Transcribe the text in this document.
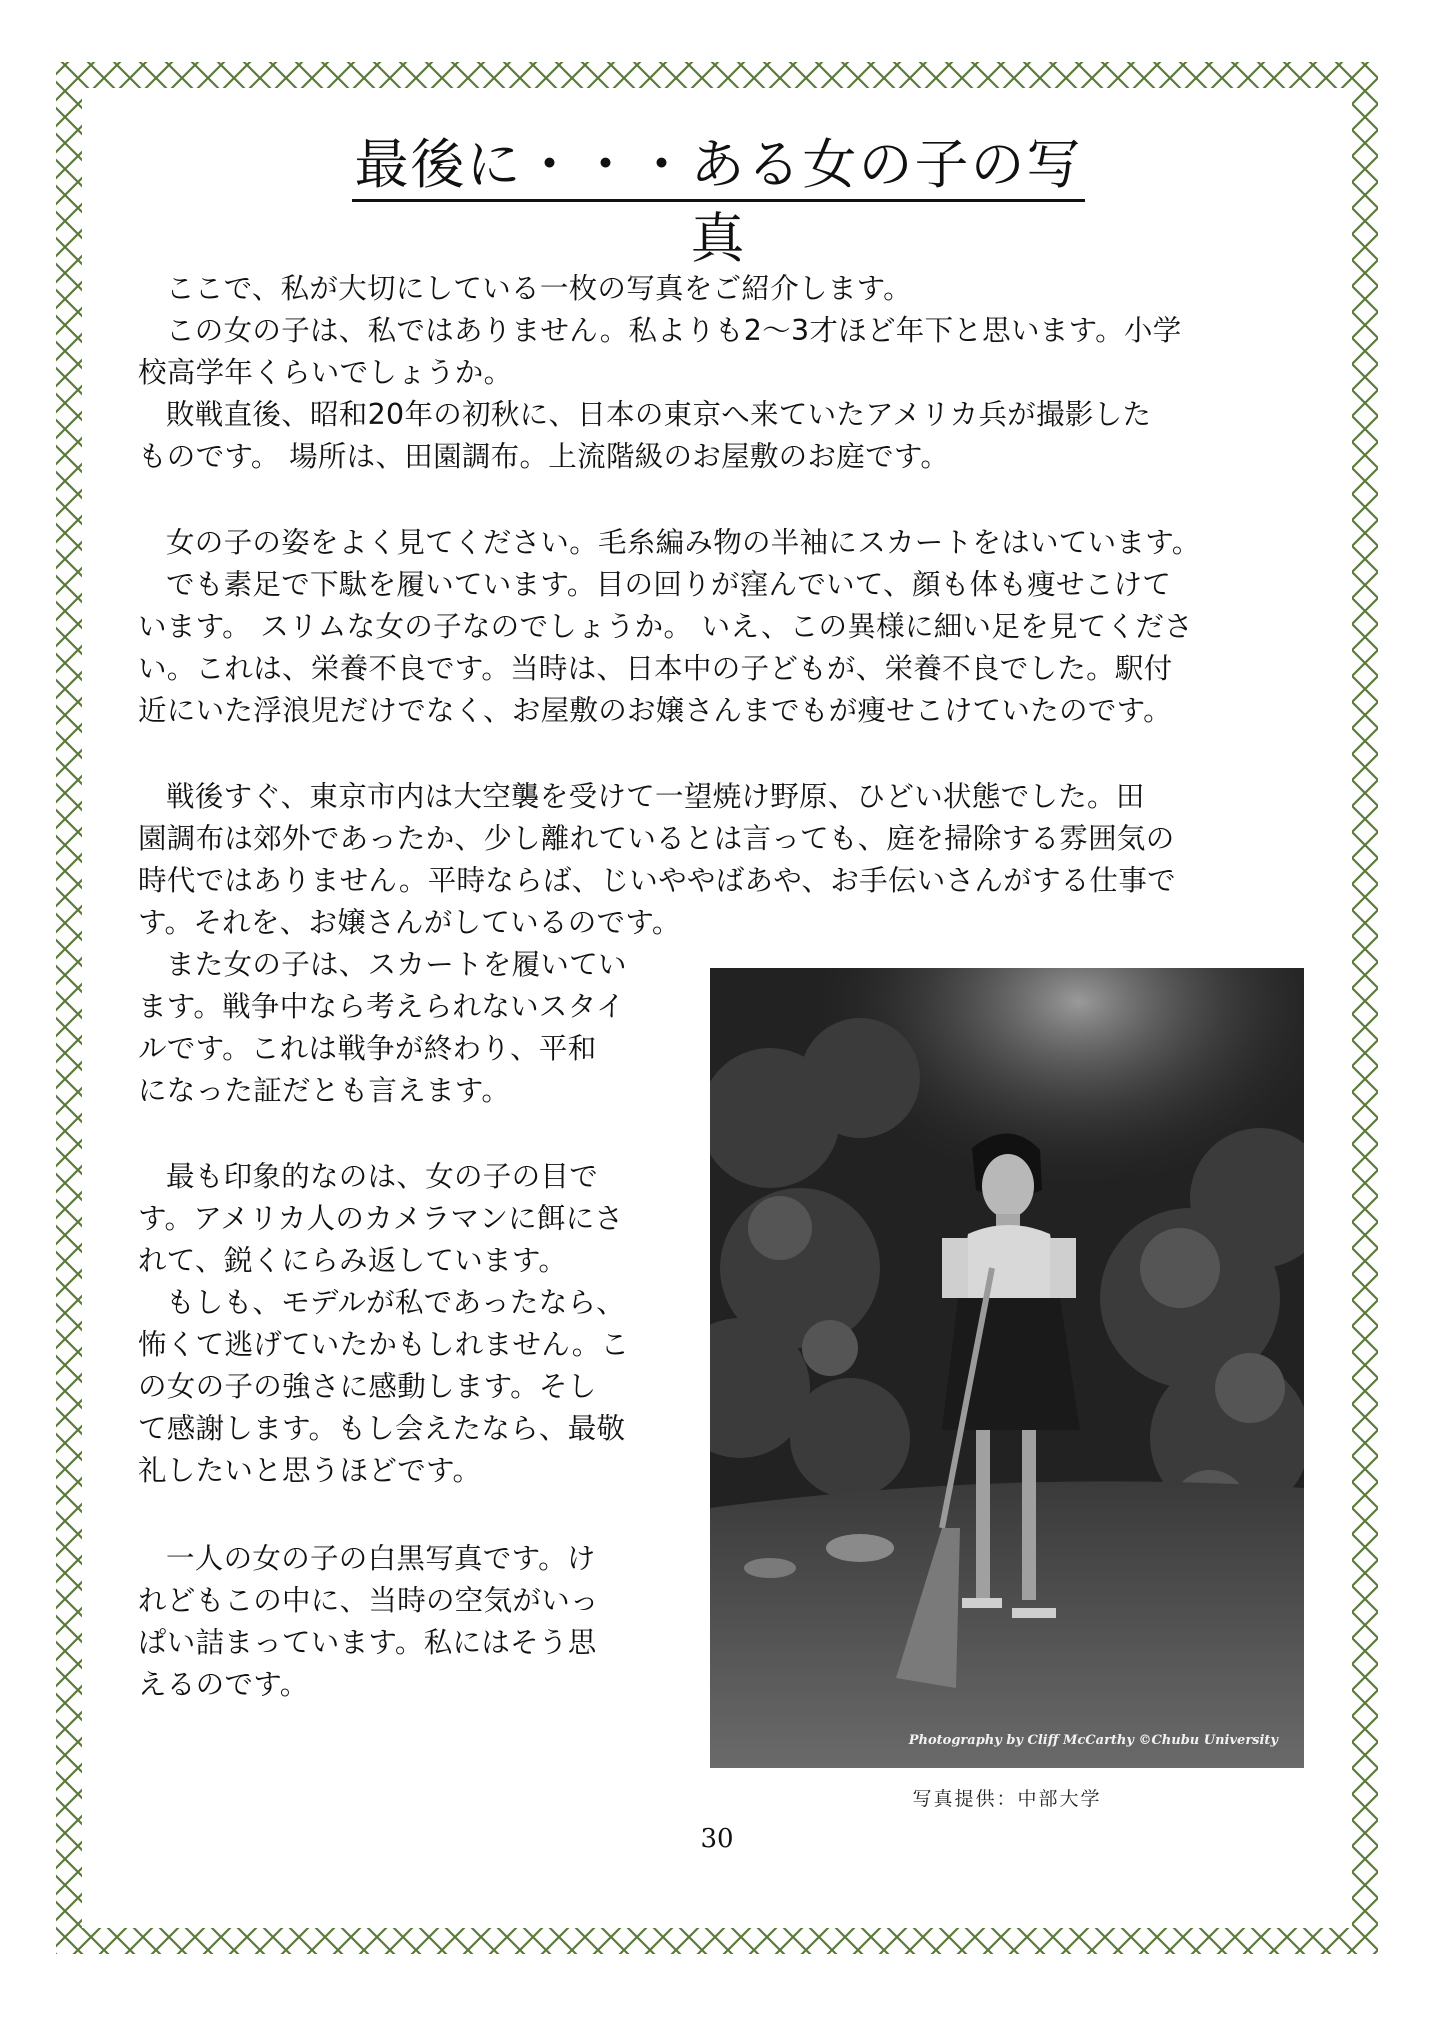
最後に・・・ある女の子の写真

ここで、私が大切にしている一枚の写真をご紹介します。

この女の子は、私ではありません。私よりも2～3才ほど年下と思います。小学
校高学年くらいでしょうか。

敗戦直後、昭和20年の初秋に、日本の東京へ来ていたアメリカ兵が撮影した
ものです。 場所は、田園調布。上流階級のお屋敷のお庭です。

女の子の姿をよく見てください。毛糸編み物の半袖にスカートをはいています。

でも素足で下駄を履いています。目の回りが窪んでいて、顔も体も痩せこけて
います。 スリムな女の子なのでしょうか。 いえ、この異様に細い足を見てくださ
い。これは、栄養不良です。当時は、日本中の子どもが、栄養不良でした。駅付
近にいた浮浪児だけでなく、お屋敷のお嬢さんまでもが痩せこけていたのです。

戦後すぐ、東京市内は大空襲を受けて一望焼け野原、ひどい状態でした。田
園調布は郊外であったか、少し離れているとは言っても、庭を掃除する雰囲気の
時代ではありません。平時ならば、じいややばあや、お手伝いさんがする仕事で
す。それを、お嬢さんがしているのです。

また女の子は、スカートを履いてい
ます。戦争中なら考えられないスタイ
ルです。これは戦争が終わり、平和
になった証だとも言えます。

最も印象的なのは、女の子の目で
す。アメリカ人のカメラマンに餌にさ
れて、鋭くにらみ返しています。

もしも、モデルが私であったなら、
怖くて逃げていたかもしれません。こ
の女の子の強さに感動します。そし
て感謝します。もし会えたなら、最敬
礼したいと思うほどです。

一人の女の子の白黒写真です。け
れどもこの中に、当時の空気がいっ
ぱい詰まっています。私にはそう思
えるのです。

Photography by Cliff McCarthy ©Chubu University
写真提供：中部大学
30
